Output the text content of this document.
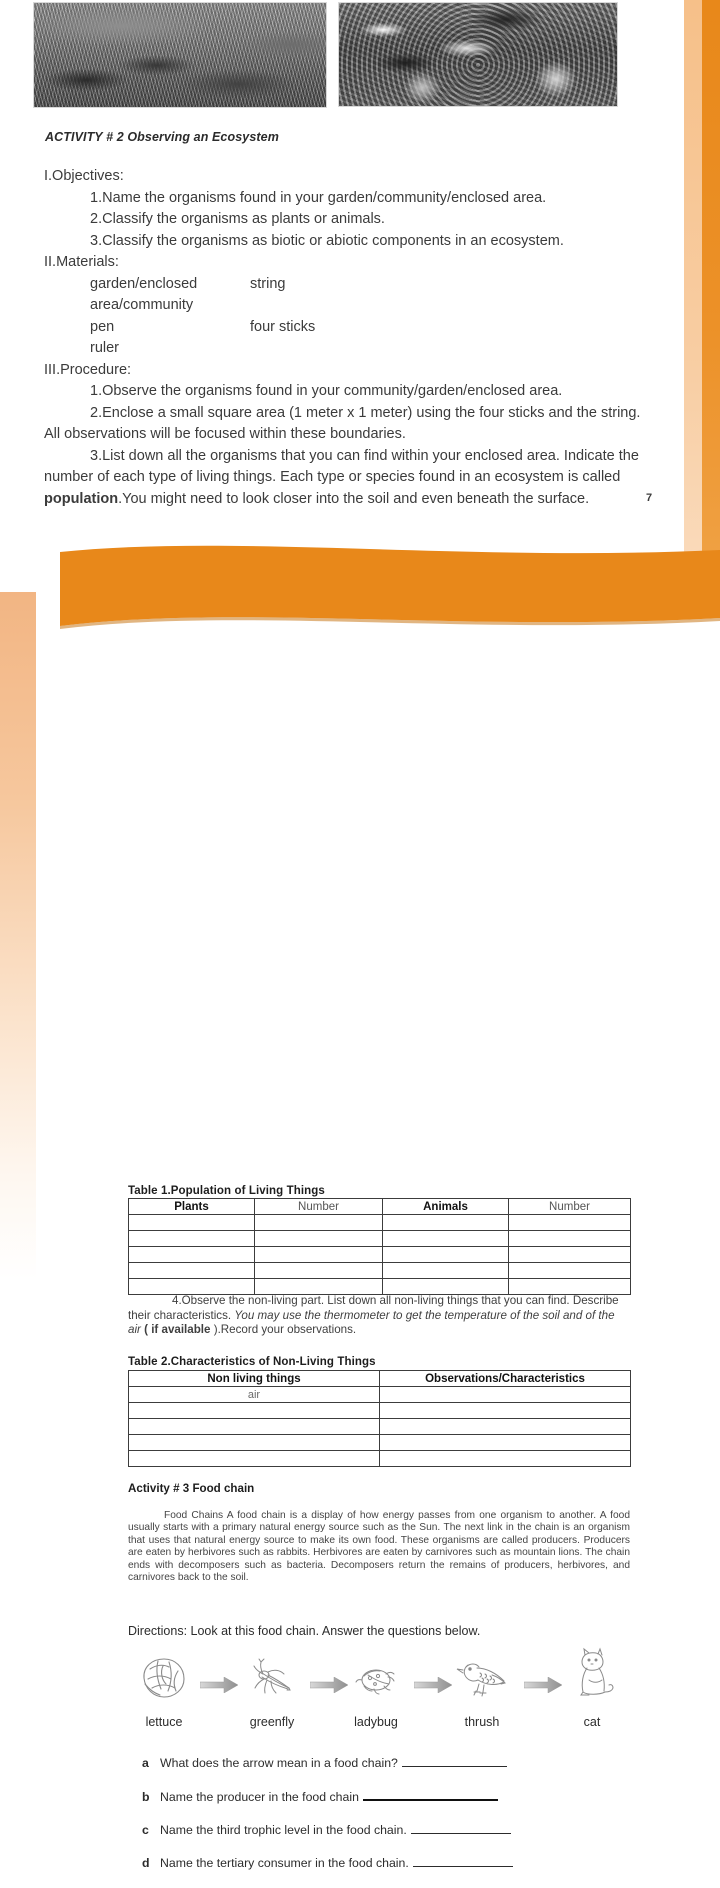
ACTIVITY # 2 Observing an Ecosystem
I.Objectives:
1.Name the organisms found in your garden/community/enclosed area.
2.Classify the organisms as plants or animals.
3.Classify the organisms as biotic or abiotic components in an ecosystem.
II.Materials:
garden/enclosed area/community
string
pen	four sticks
ruler
III.Procedure:
1.Observe the organisms found in your community/garden/enclosed area.
2.Enclose a small square area (1 meter x 1 meter) using the four sticks and the string. All observations will be focused within these boundaries.
3.List down all the organisms that you can find within your enclosed area. Indicate the number of each type of living things. Each type or species found in an ecosystem is called population.You might need to look closer into the soil and even beneath the surface.	7
Table 1.Population of Living Things
Plants	Number	Animals	Number

4.Observe the non-living part. List down all non-living things that you can find. Describe their characteristics. You may use the thermometer to get the temperature of the soil and of the air ( if available ).Record your observations.
Table 2.Characteristics of Non-Living Things
Non living things	Observations/Characteristics
air	

Activity # 3 Food chain
Food Chains A food chain is a display of how energy passes from one organism to another. A food usually starts with a primary natural energy source such as the Sun. The next link in the chain is an organism that uses that natural energy source to make its own food. These organisms are called producers. Producers are eaten by herbivores such as rabbits. Herbivores are eaten by carnivores such as mountain lions. The chain ends with decomposers such as bacteria. Decomposers return the remains of producers, herbivores, and carnivores back to the soil.
Directions: Look at this food chain. Answer the questions below.
lettuce	greenfly	ladybug	thrush	cat
a What does the arrow mean in a food chain?
b Name the producer in the food chain
c Name the third trophic level in the food chain.
d Name the tertiary consumer in the food chain.
